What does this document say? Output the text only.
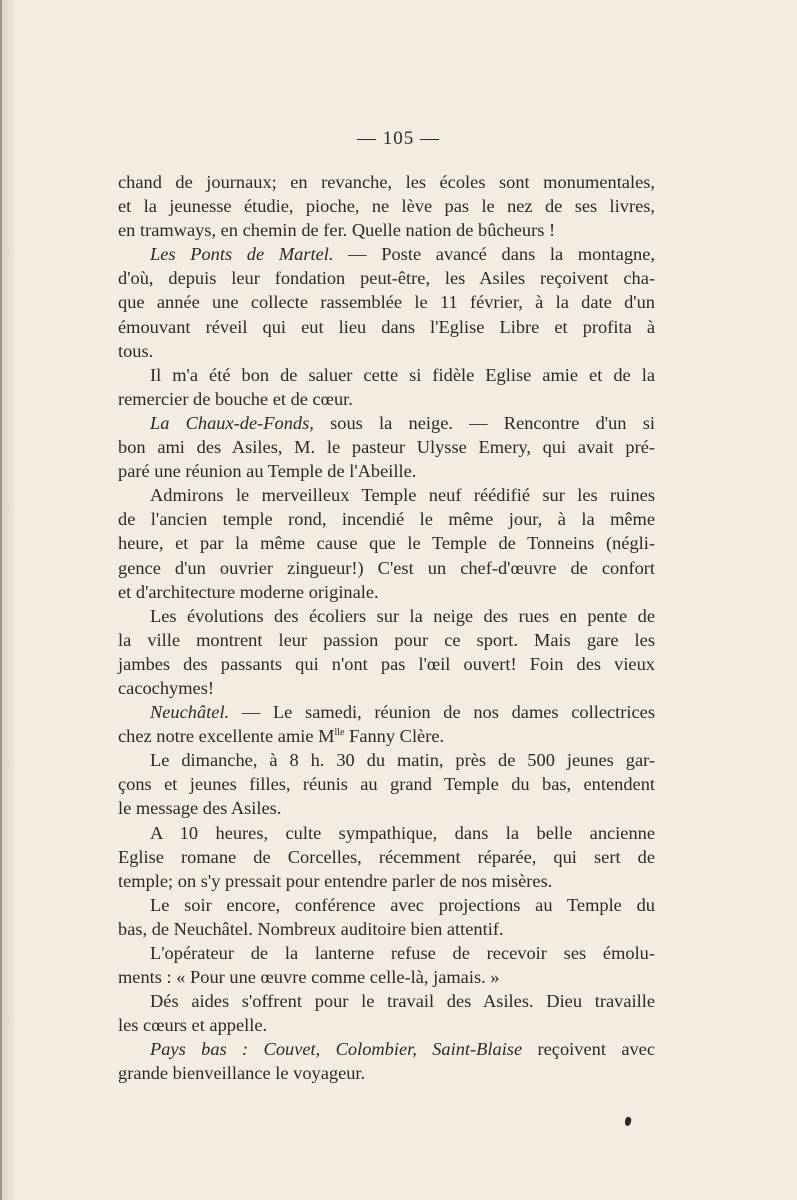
— 105 —
chand de journaux; en revanche, les écoles sont monumentales,
et la jeunesse étudie, pioche, ne lève pas le nez de ses livres,
en tramways, en chemin de fer. Quelle nation de bûcheurs !
Les Ponts de Martel. — Poste avancé dans la montagne,
d'où, depuis leur fondation peut-être, les Asiles reçoivent cha-
que année une collecte rassemblée le 11 février, à la date d'un
émouvant réveil qui eut lieu dans l'Eglise Libre et profita à
tous.
Il m'a été bon de saluer cette si fidèle Eglise amie et de la
remercier de bouche et de cœur.
La Chaux-de-Fonds, sous la neige. — Rencontre d'un si
bon ami des Asiles, M. le pasteur Ulysse Emery, qui avait pré-
paré une réunion au Temple de l'Abeille.
Admirons le merveilleux Temple neuf réédifié sur les ruines
de l'ancien temple rond, incendié le même jour, à la même
heure, et par la même cause que le Temple de Tonneins (négli-
gence d'un ouvrier zingueur!) C'est un chef-d'œuvre de confort
et d'architecture moderne originale.
Les évolutions des écoliers sur la neige des rues en pente de
la ville montrent leur passion pour ce sport. Mais gare les
jambes des passants qui n'ont pas l'œil ouvert! Foin des vieux
cacochymes!
Neuchâtel. — Le samedi, réunion de nos dames collectrices
chez notre excellente amie $M^{lle}$ Fanny Clère.
Le dimanche, à 8 h. 30 du matin, près de 500 jeunes gar-
çons et jeunes filles, réunis au grand Temple du bas, entendent
le message des Asiles.
A 10 heures, culte sympathique, dans la belle ancienne
Eglise romane de Corcelles, récemment réparée, qui sert de
temple; on s'y pressait pour entendre parler de nos misères.
Le soir encore, conférence avec projections au Temple du
bas, de Neuchâtel. Nombreux auditoire bien attentif.
L'opérateur de la lanterne refuse de recevoir ses émolu-
ments : « Pour une œuvre comme celle-là, jamais. »
Dés aides s'offrent pour le travail des Asiles. Dieu travaille
les cœurs et appelle.
Pays bas : Couvet, Colombier, Saint-Blaise reçoivent avec
grande bienveillance le voyageur.
